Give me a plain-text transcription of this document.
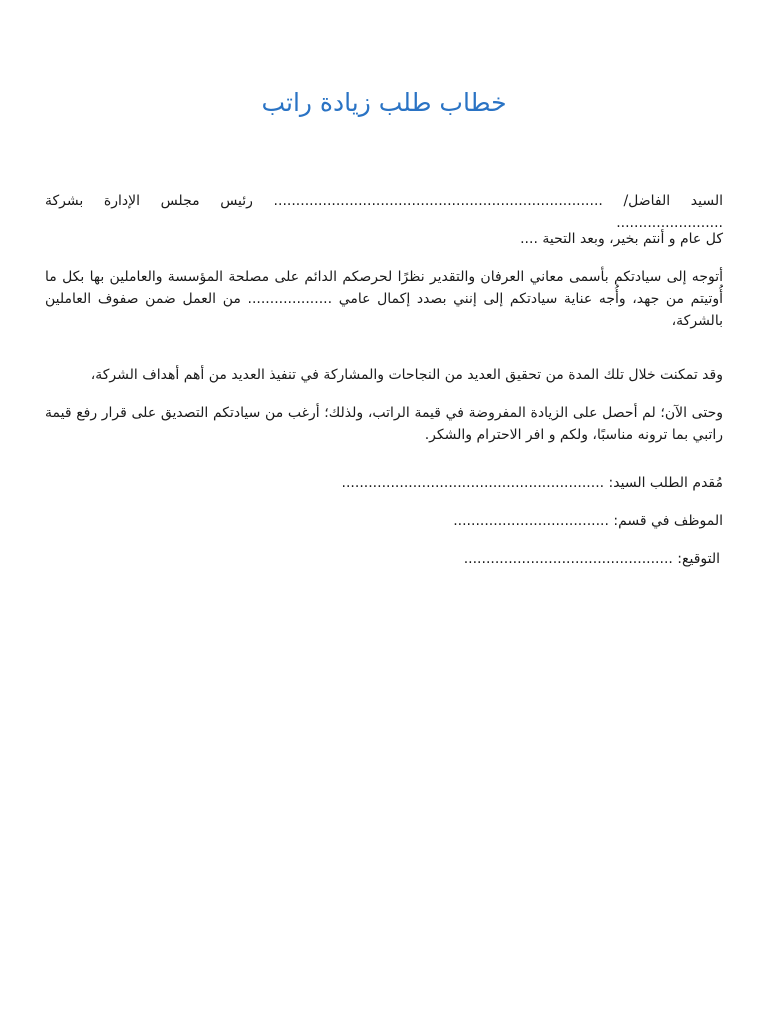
خطاب طلب زيادة راتب
السيد الفاضل/ .......................................................................... رئيس مجلس الإدارة بشركة ........................
كل عام و أنتم بخير، وبعد التحية ....
أتوجه إلى سيادتكم بأسمى معاني العرفان والتقدير نظرًا لحرصكم الدائم على مصلحة المؤسسة والعاملين بها بكل ما أُوتيتم من جهد، وأُجه عناية سيادتكم إلى إنني بصدد إكمال عامي ................... من العمل ضمن صفوف العاملين بالشركة،
وقد تمكنت خلال تلك المدة من تحقيق العديد من النجاحات والمشاركة في تنفيذ العديد من أهم أهداف الشركة،
وحتى الآن؛ لم أحصل على الزيادة المفروضة في قيمة الراتب، ولذلك؛ أرغب من سيادتكم التصديق على قرار رفع قيمة راتبي بما ترونه مناسبًا، ولكم و افر الاحترام والشكر.
مُقدم الطلب السيد: ...........................................................
الموظف في قسم: ...................................
التوقيع: ...............................................
